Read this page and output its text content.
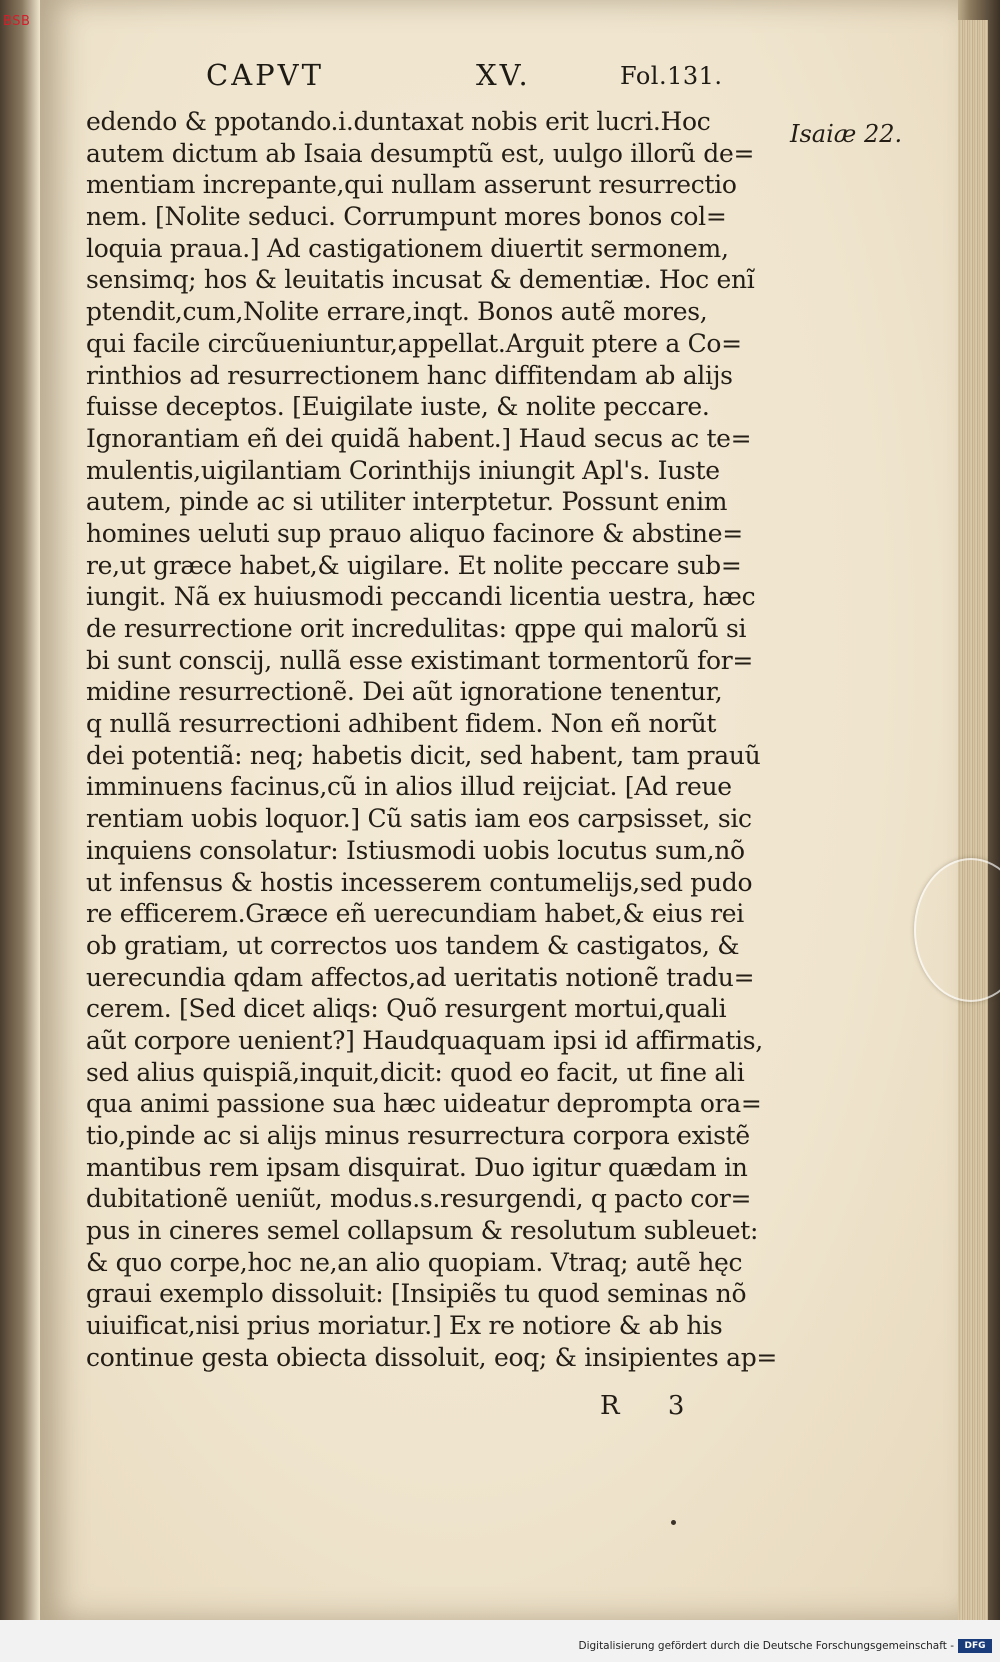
BSB
CAPVT	XV.	Fol.131.
Isaiæ 22.
edendo & ppotando.i.duntaxat nobis erit lucri.Hoc
autem dictum ab Isaia desumptũ est, uulgo illorũ de=
mentiam increpante,qui nullam asserunt resurrectio
nem. [Nolite seduci. Corrumpunt mores bonos col=
loquia praua.] Ad castigationem diuertit sermonem,
sensimq; hos & leuitatis incusat & dementiæ. Hoc enĩ
ptendit,cum,Nolite errare,inqt. Bonos autẽ mores,
qui facile circũueniuntur,appellat.Arguit ptere a Co=
rinthios ad resurrectionem hanc diffitendam ab alijs
fuisse deceptos. [Euigilate iuste, & nolite peccare.
Ignorantiam eñ dei quidã habent.] Haud secus ac te=
mulentis,uigilantiam Corinthijs iniungit Apl's. Iuste
autem, pinde ac si utiliter interptetur. Possunt enim
homines ueluti sup prauo aliquo facinore & abstine=
re,ut græce habet,& uigilare. Et nolite peccare sub=
iungit. Nã ex huiusmodi peccandi licentia uestra, hæc
de resurrectione orit incredulitas: qppe qui malorũ si
bi sunt conscij, nullã esse existimant tormentorũ for=
midine resurrectionẽ. Dei aũt ignoratione tenentur,
q nullã resurrectioni adhibent fidem. Non eñ norũt
dei potentiã: neq; habetis dicit, sed habent, tam prauũ
imminuens facinus,cũ in alios illud reijciat. [Ad reue
rentiam uobis loquor.] Cũ satis iam eos carpsisset, sic
inquiens consolatur: Istiusmodi uobis locutus sum,nõ
ut infensus & hostis incesserem contumelijs,sed pudo
re efficerem.Græce eñ uerecundiam habet,& eius rei
ob gratiam, ut correctos uos tandem & castigatos, &
uerecundia qdam affectos,ad ueritatis notionẽ tradu=
cerem. [Sed dicet aliqs: Quõ resurgent mortui,quali
aũt corpore uenient?] Haudquaquam ipsi id affirmatis,
sed alius quispiã,inquit,dicit: quod eo facit, ut fine ali
qua animi passione sua hæc uideatur deprompta ora=
tio,pinde ac si alijs minus resurrectura corpora existẽ
mantibus rem ipsam disquirat. Duo igitur quædam in
dubitationẽ ueniũt, modus.s.resurgendi, q pacto cor=
pus in cineres semel collapsum & resolutum subleuet:
& quo corpe,hoc ne,an alio quopiam. Vtraq; autẽ hęc
graui exemplo dissoluit: [Insipiẽs tu quod seminas nõ
uiuificat,nisi prius moriatur.] Ex re notiore & ab his
continue gesta obiecta dissoluit, eoq; & insipientes ap=
R 3
Digitalisierung gefördert durch die Deutsche Forschungsgemeinschaft -	DFG
